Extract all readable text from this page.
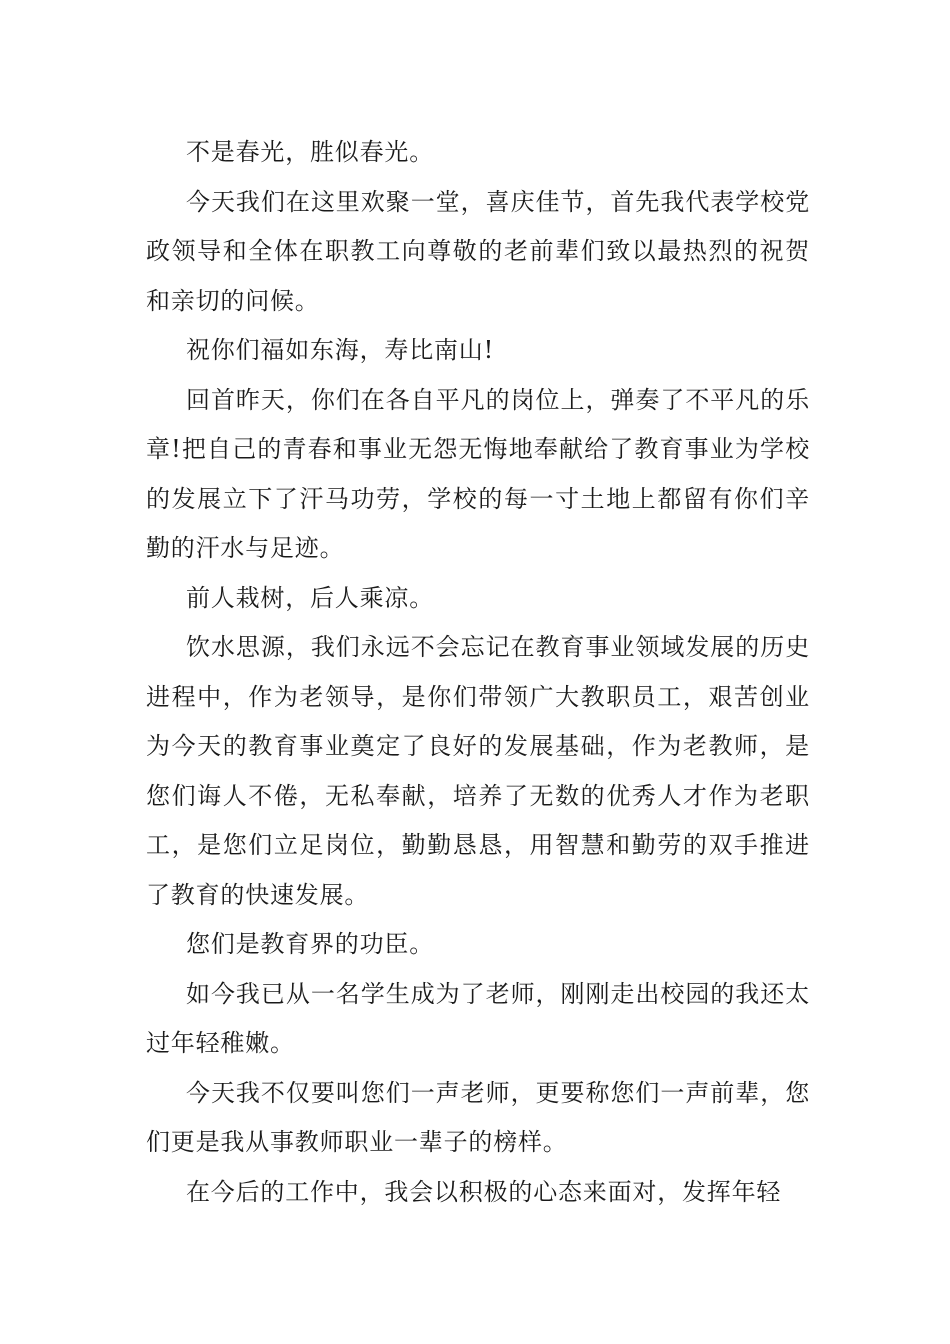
不是春光，胜似春光。

今天我们在这里欢聚一堂，喜庆佳节，首先我代表学校党政领导和全体在职教工向尊敬的老前辈们致以最热烈的祝贺和亲切的问候。

祝你们福如东海，寿比南山!

回首昨天，你们在各自平凡的岗位上，弹奏了不平凡的乐章!把自己的青春和事业无怨无悔地奉献给了教育事业为学校的发展立下了汗马功劳，学校的每一寸土地上都留有你们辛勤的汗水与足迹。

前人栽树，后人乘凉。

饮水思源，我们永远不会忘记在教育事业领域发展的历史进程中，作为老领导，是你们带领广大教职员工，艰苦创业为今天的教育事业奠定了良好的发展基础，作为老教师，是您们诲人不倦，无私奉献，培养了无数的优秀人才作为老职工，是您们立足岗位，勤勤恳恳，用智慧和勤劳的双手推进了教育的快速发展。

您们是教育界的功臣。

如今我已从一名学生成为了老师，刚刚走出校园的我还太过年轻稚嫩。

今天我不仅要叫您们一声老师，更要称您们一声前辈，您们更是我从事教师职业一辈子的榜样。

在今后的工作中，我会以积极的心态来面对，发挥年轻
